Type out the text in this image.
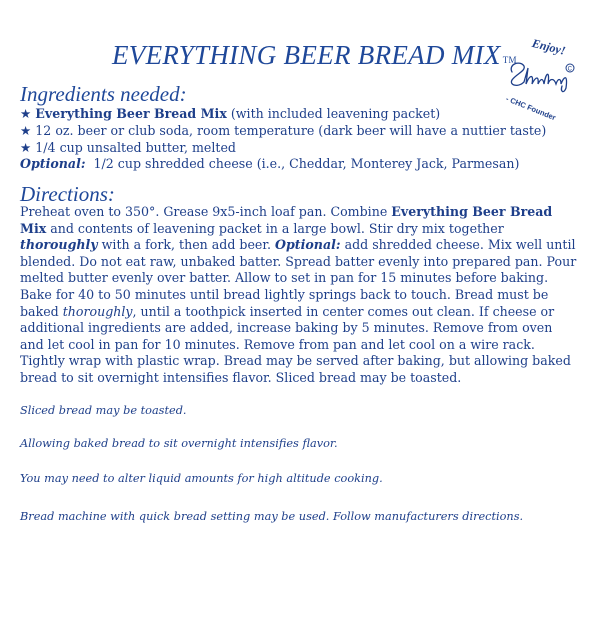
EVERYTHING BEER BREAD MIX TM
Enjoy!
C
- CHC Founder
Ingredients needed:
★ Everything Beer Bread Mix (with included leavening packet)
★ 12 oz. beer or club soda, room temperature (dark beer will have a nuttier taste)
★ 1/4 cup unsalted butter, melted
Optional:  1/2 cup shredded cheese (i.e., Cheddar, Monterey Jack, Parmesan)
Directions:
Preheat oven to 350°. Grease 9x5-inch loaf pan. Combine Everything Beer Bread Mix and contents of leavening packet in a large bowl. Stir dry mix together thoroughly with a fork, then add beer. Optional: add shredded cheese. Mix well until blended. Do not eat raw, unbaked batter. Spread batter evenly into prepared pan. Pour melted butter evenly over batter. Allow to set in pan for 15 minutes before baking. Bake for 40 to 50 minutes until bread lightly springs back to touch. Bread must be baked thoroughly, until a toothpick inserted in center comes out clean. If cheese or additional ingredients are added, increase baking by 5 minutes. Remove from oven and let cool in pan for 10 minutes. Remove from pan and let cool on a wire rack. Tightly wrap with plastic wrap. Bread may be served after baking, but allowing baked bread to sit overnight intensifies flavor. Sliced bread may be toasted.
Sliced bread may be toasted.
Allowing baked bread to sit overnight intensifies flavor.
You may need to alter liquid amounts for high altitude cooking.
Bread machine with quick bread setting may be used. Follow manufacturers directions.
